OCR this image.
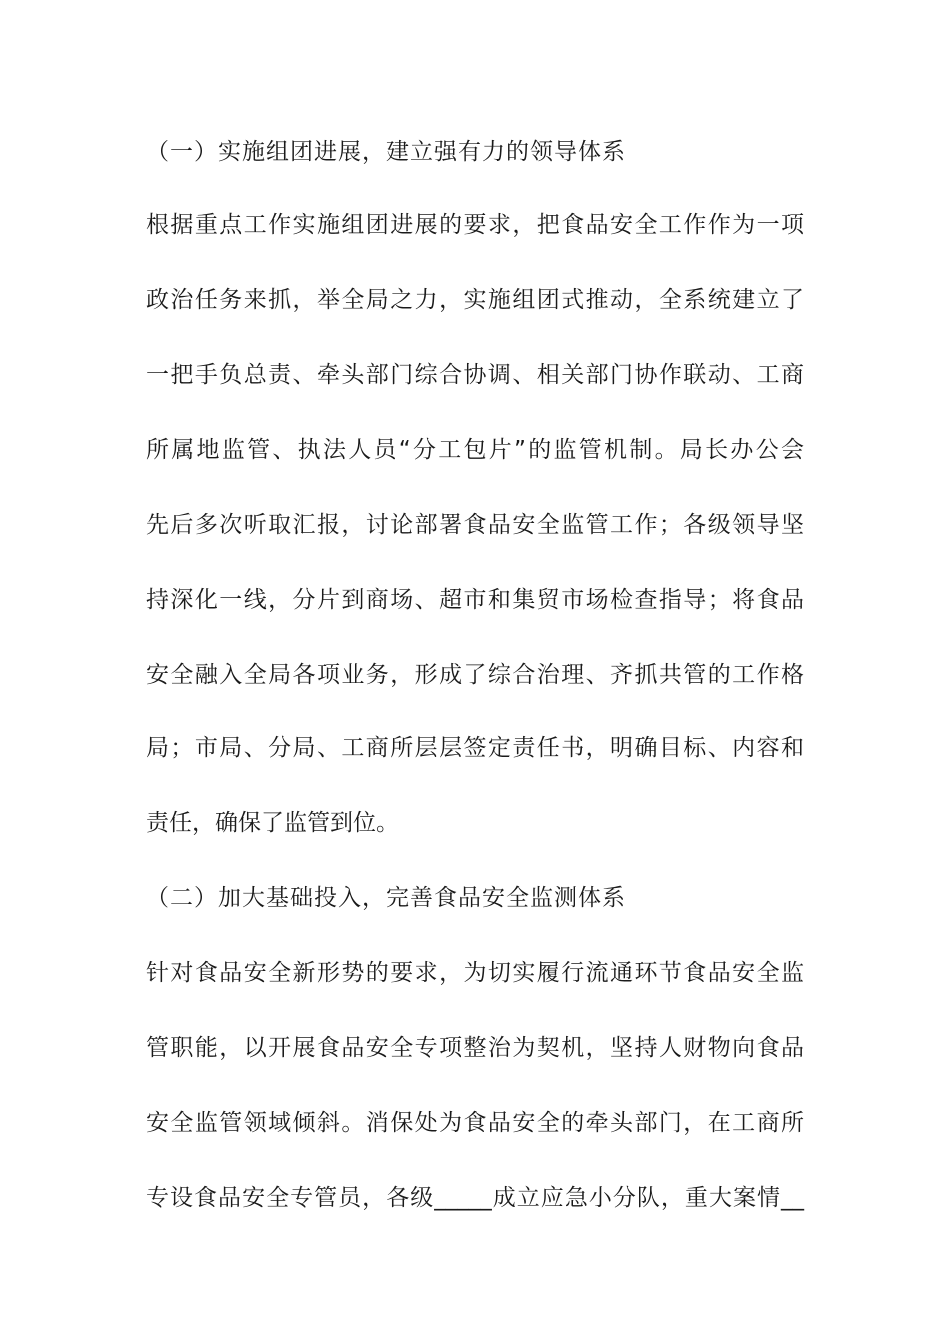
（一）实施组团进展，建立强有力的领导体系
根据重点工作实施组团进展的要求，把食品安全工作作为一项
政治任务来抓，举全局之力，实施组团式推动，全系统建立了
一把手负总责、牵头部门综合协调、相关部门协作联动、工商
所属地监管、执法人员“分工包片”的监管机制。局长办公会
先后多次听取汇报，讨论部署食品安全监管工作；各级领导坚
持深化一线，分片到商场、超市和集贸市场检查指导；将食品
安全融入全局各项业务，形成了综合治理、齐抓共管的工作格
局；市局、分局、工商所层层签定责任书，明确目标、内容和
责任，确保了监管到位。
（二）加大基础投入，完善食品安全监测体系
针对食品安全新形势的要求，为切实履行流通环节食品安全监
管职能，以开展食品安全专项整治为契机，坚持人财物向食品
安全监管领域倾斜。消保处为食品安全的牵头部门，在工商所
专设食品安全专管员，各级_____成立应急小分队，重大案情__
